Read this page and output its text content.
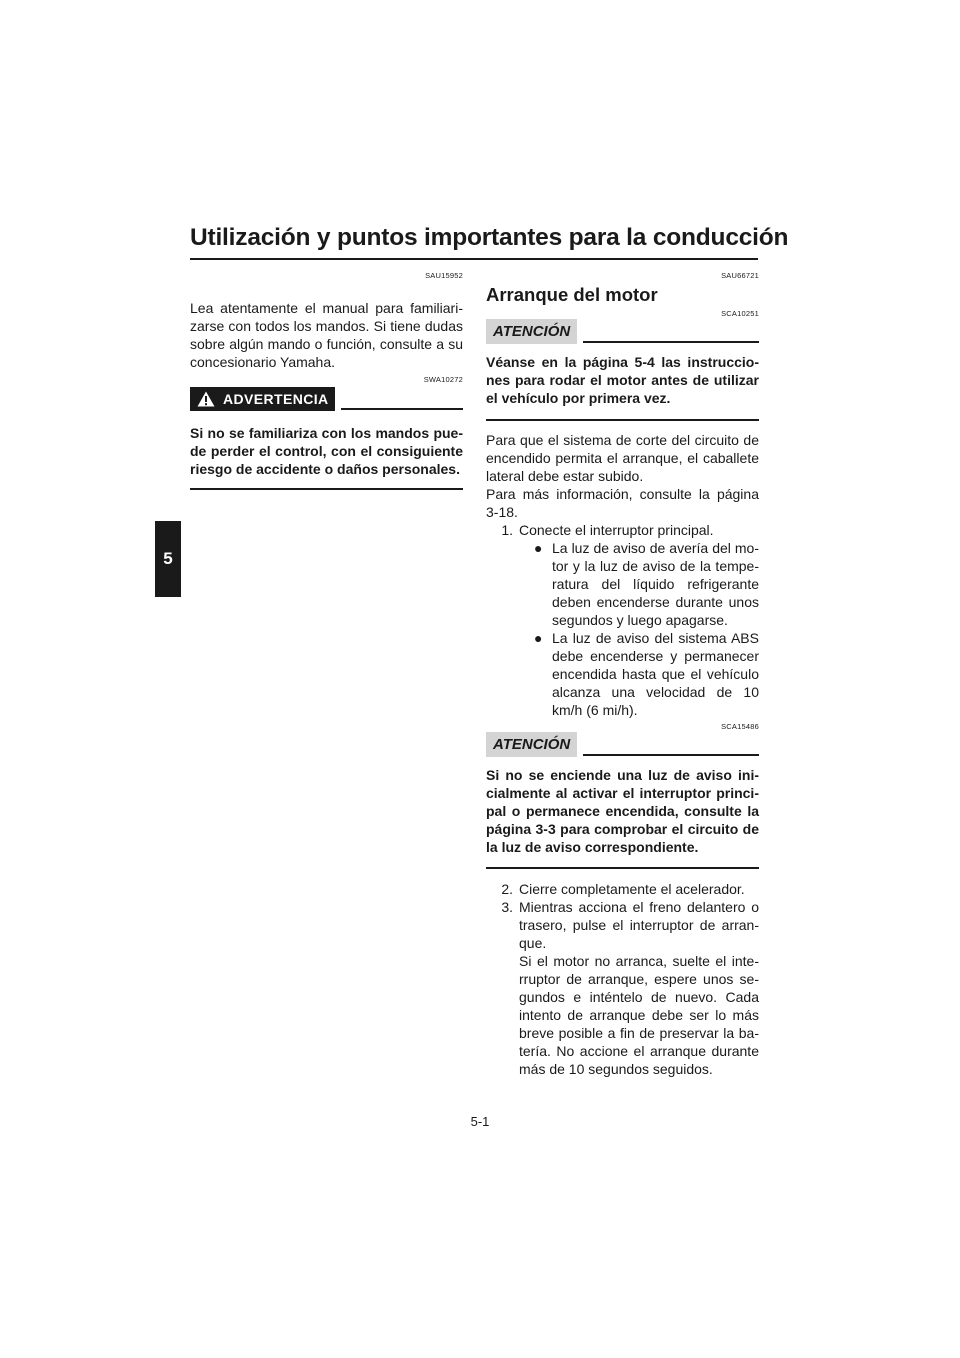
Utilización y puntos importantes para la conducción
5
SAU15952

Lea atentamente el manual para familiari-zarse con todos los mandos. Si tiene dudas sobre algún mando o función, consulte a su concesionario Yamaha.

SWA10272
ADVERTENCIA

Si no se familiariza con los mandos pue-de perder el control, con el consiguiente riesgo de accidente o daños personales.

SAU66721
Arranque del motor
SCA10251
ATENCIÓN

Véanse en la página 5-4 las instruccio-nes para rodar el motor antes de utilizar el vehículo por primera vez.

Para que el sistema de corte del circuito de encendido permita el arranque, el caballete lateral debe estar subido.

Para más información, consulte la página 3-18.

1. Conecte el interruptor principal.
● La luz de aviso de avería del mo-tor y la luz de aviso de la tempe-ratura del líquido refrigerante deben encenderse durante unos segundos y luego apagarse.
● La luz de aviso del sistema ABS debe encenderse y permanecer encendida hasta que el vehículo alcanza una velocidad de 10 km/h (6 mi/h).
SCA15486
ATENCIÓN

Si no se enciende una luz de aviso ini-cialmente al activar el interruptor princi-pal o permanece encendida, consulte la página 3-3 para comprobar el circuito de la luz de aviso correspondiente.

2. Cierre completamente el acelerador.
3. Mientras acciona el freno delantero o trasero, pulse el interruptor de arran-que.
Si el motor no arranca, suelte el inte-rruptor de arranque, espere unos se-gundos e inténtelo de nuevo. Cada intento de arranque debe ser lo más breve posible a fin de preservar la ba-tería. No accione el arranque durante más de 10 segundos seguidos.
5-1
